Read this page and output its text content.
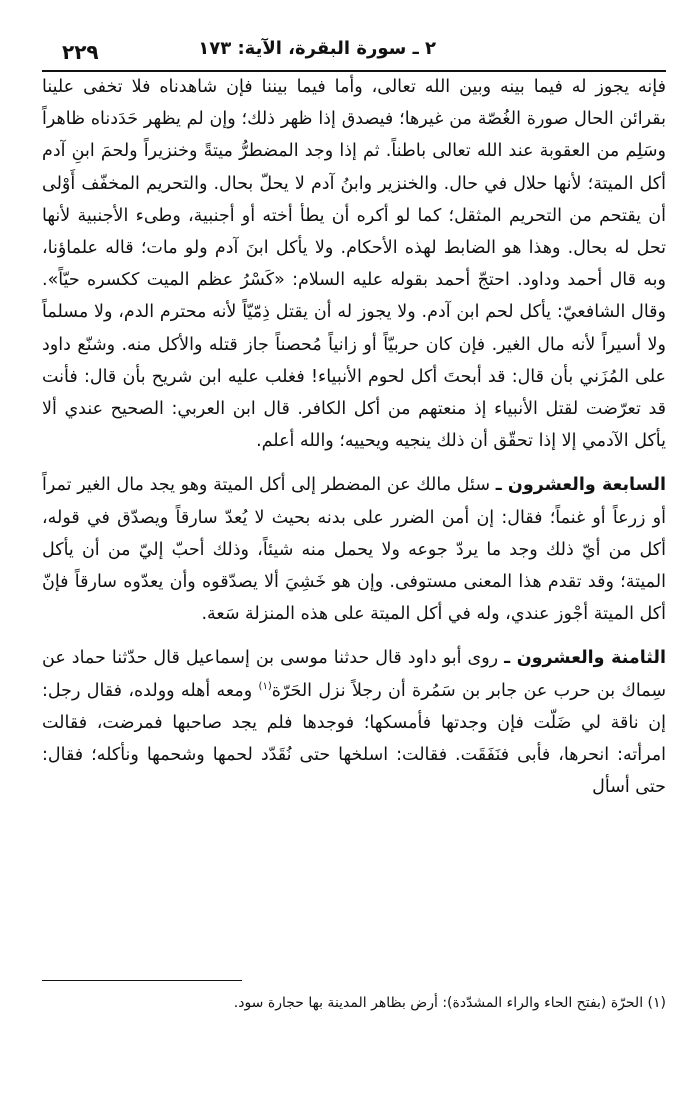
٢ ـ سورة البقرة، الآية: ١٧٣
٢٢٩

فإنه يجوز له فيما بينه وبين الله تعالى، وأما فيما بيننا فإن شاهدناه فلا تخفى علينا بقرائن الحال صورة الغُصّة من غيرها؛ فيصدق إذا ظهر ذلك؛ وإن لم يظهر حَدَدناه ظاهراً وسَلِم من العقوبة عند الله تعالى باطناً. ثم إذا وجد المضطرُّ ميتةً وخنزيراً ولحمَ ابنِ آدم أكل الميتة؛ لأنها حلال في حال. والخنزير وابنُ آدم لا يحلّ بحال. والتحريم المخفّف أَوْلى أن يقتحم من التحريم المثقل؛ كما لو أكره أن يطأ أخته أو أجنبية، وطىء الأجنبية لأنها تحل له بحال. وهذا هو الضابط لهذه الأحكام. ولا يأكل ابنَ آدم ولو مات؛ قاله علماؤنا، وبه قال أحمد وداود. احتجّ أحمد بقوله عليه السلام: «كَسْرُ عظم الميت ككسره حيّاً». وقال الشافعيّ: يأكل لحم ابن آدم. ولا يجوز له أن يقتل ذِمّيّاً لأنه محترم الدم، ولا مسلماً ولا أسيراً لأنه مال الغير. فإن كان حربيّاً أو زانياً مُحصناً جاز قتله والأكل منه. وشنّع داود على المُزَني بأن قال: قد أبحتَ أكل لحوم الأنبياء! فغلب عليه ابن شريح بأن قال: فأنت قد تعرّضت لقتل الأنبياء إذ منعتهم من أكل الكافر. قال ابن العربي: الصحيح عندي ألا يأكل الآدمي إلا إذا تحقّق أن ذلك ينجيه ويحييه؛ والله أعلم.

السابعة والعشرون ـ سئل مالك عن المضطر إلى أكل الميتة وهو يجد مال الغير تمراً أو زرعاً أو غنماً؛ فقال: إن أمن الضرر على بدنه بحيث لا يُعدّ سارقاً ويصدّق في قوله، أكل من أيّ ذلك وجد ما يردّ جوعه ولا يحمل منه شيئاً، وذلك أحبّ إليّ من أن يأكل الميتة؛ وقد تقدم هذا المعنى مستوفى. وإن هو خَشِيَ ألا يصدّقوه وأن يعدّوه سارقاً فإنّ أكل الميتة أجْوز عندي، وله في أكل الميتة على هذه المنزلة سَعة.

الثامنة والعشرون ـ روى أبو داود قال حدثنا موسى بن إسماعيل قال حدّثنا حماد عن سِماك بن حرب عن جابر بن سَمُرة أن رجلاً نزل الحَرّة$^{(١)}$ ومعه أهله وولده، فقال رجل: إن ناقة لي ضَلّت فإن وجدتها فأمسكها؛ فوجدها فلم يجد صاحبها فمرضت، فقالت امرأته: انحرها، فأبى فنَفَقَت. فقالت: اسلخها حتى نُقَدّد لحمها وشحمها ونأكله؛ فقال: حتى أسأل

(١) الحرّة (بفتح الحاء والراء المشدّدة): أرض بظاهر المدينة بها حجارة سود.
